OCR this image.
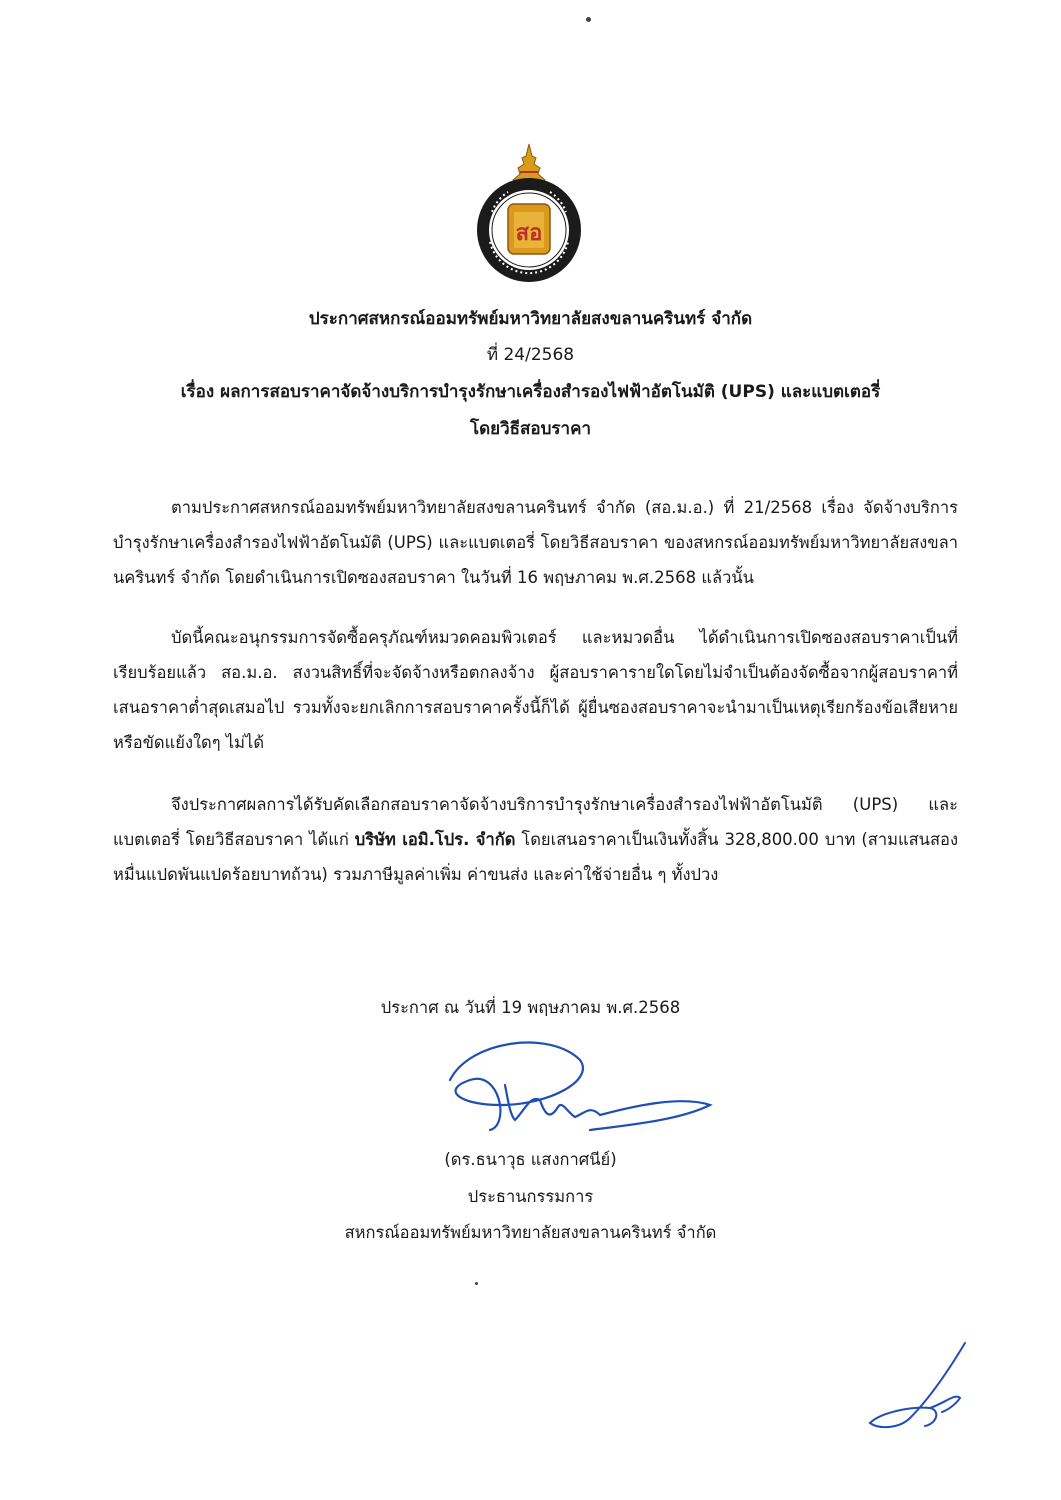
สอ
ประกาศสหกรณ์ออมทรัพย์มหาวิทยาลัยสงขลานครินทร์ จำกัด
ที่ 24/2568
เรื่อง ผลการสอบราคาจัดจ้างบริการบำรุงรักษาเครื่องสำรองไฟฟ้าอัตโนมัติ (UPS) และแบตเตอรี่
โดยวิธีสอบราคา
ตามประกาศสหกรณ์ออมทรัพย์มหาวิทยาลัยสงขลานครินทร์ จำกัด (สอ.ม.อ.) ที่ 21/2568 เรื่อง จัดจ้างบริการบำรุงรักษาเครื่องสำรองไฟฟ้าอัตโนมัติ (UPS) และแบตเตอรี่ โดยวิธีสอบราคา ของสหกรณ์ออมทรัพย์มหาวิทยาลัยสงขลานครินทร์ จำกัด โดยดำเนินการเปิดซองสอบราคา ในวันที่ 16 พฤษภาคม พ.ศ.2568 แล้วนั้น
บัดนี้คณะอนุกรรมการจัดซื้อครุภัณฑ์หมวดคอมพิวเตอร์ และหมวดอื่น ได้ดำเนินการเปิดซองสอบราคาเป็นที่เรียบร้อยแล้ว สอ.ม.อ. สงวนสิทธิ์ที่จะจัดจ้างหรือตกลงจ้าง ผู้สอบราคารายใดโดยไม่จำเป็นต้องจัดซื้อจากผู้สอบราคาที่เสนอราคาต่ำสุดเสมอไป รวมทั้งจะยกเลิกการสอบราคาครั้งนี้ก็ได้ ผู้ยื่นซองสอบราคาจะนำมาเป็นเหตุเรียกร้องข้อเสียหาย หรือขัดแย้งใดๆ ไม่ได้
จึงประกาศผลการได้รับคัดเลือกสอบราคาจัดจ้างบริการบำรุงรักษาเครื่องสำรองไฟฟ้าอัตโนมัติ (UPS) และแบตเตอรี่ โดยวิธีสอบราคา ได้แก่ บริษัท เอมิ.โปร. จำกัด โดยเสนอราคาเป็นเงินทั้งสิ้น 328,800.00 บาท (สามแสนสองหมื่นแปดพันแปดร้อยบาทถ้วน) รวมภาษีมูลค่าเพิ่ม ค่าขนส่ง และค่าใช้จ่ายอื่น ๆ ทั้งปวง
ประกาศ ณ วันที่ 19 พฤษภาคม พ.ศ.2568
(ดร.ธนาวุธ แสงกาศนีย์)
ประธานกรรมการ
สหกรณ์ออมทรัพย์มหาวิทยาลัยสงขลานครินทร์ จำกัด
